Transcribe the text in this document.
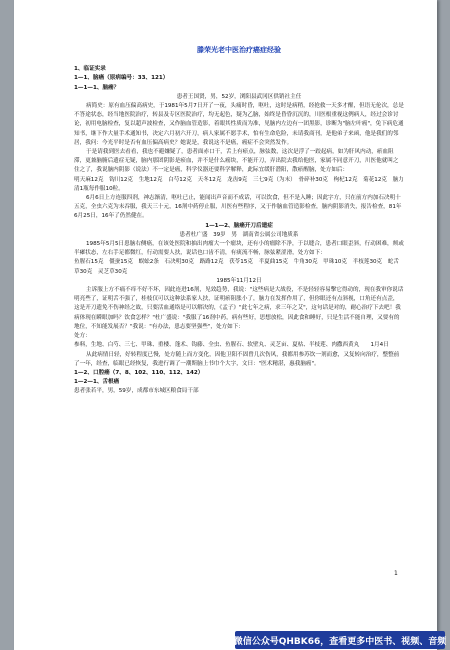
滕荣光老中医治疗癌症经验
1、临证实录
1—1、脑癌（原病编号：33、121）
1—1—1、脑癌？
患者王国贤，男，52岁，浏阳县武冈区供销社主任
病简史：原有血压偏高病史，于1981年5月7日开了一夜，头痛时昏，呕吐，这时是病稍，经抢救一天多才醒，但语无伦次，总是不答途状态，经当地医院治疗，转县及专区医院治疗，均无起色，疑为乙脑，始终是昏昏沉沉的，川医根重视这例病人，经过会诊讨论，初用电脑检查，复以超声波检查，又作脑血管造影，着眼其性质而为准，见脑内左边有一团黑影，诊断为"脑左叶癌"，免下病危通知书，继下作大量手术通知书，决定六月初六开刀，病人家属不愿手术，怕有生命危险，未请我商刊，是他弟子来函，他是我们的邻居，我问：今光平时是否有血压偏高病史？她说是，我说这不是癌，癌症不会突然发作。
于是请我到医去看看，我也不避嫌疑了，患者面赤口干，舌上有瘀点，脉弦数，这次是浮了一跤起病，如为肝风内动，瘀血阻滞，更兼脑腑后遗症无疑，脑内那团阴影是瘀血，并不是什么癌块，不能开刀，弄出院去我给他医，家属不同意开刀，川医他就叫之住之了，我说脑内阴影（说法）不一定是癌，科学仪器还要科学解释，此际宜缓肝潜阳，散瘀醒脑，处方如后：
明天麻12克　钩川12克　生地12克　白芍12克　天冬12克　龙齿9克　三七9克（为末）　骨碎补30克　枸杞12克　菊花12克　脑力清1瓶每作服10粒。
6月6日上方连服四剂，神志渐清，呕吐已止，能闻出声音而不成话，可以饮食，但不是入睡；因此字方，只在前方内加石决明十五克，全虫六克为末吞服，我天三十元，16剂中药停止服，川医有些程序，又于作脑血管造影检查，脑内阴影消失，报告检查，81年6月25日，16年了仍然健在。
1—1—2、脑癌开刀后遗症
患者杜广盛　39岁　男　湖南省公属公司地质系
1985年5月5日患脑右侧癌，在该处医院和抽出肉瘤大一个瘤块，还有小的瘤除不净，于以缝合，患者口眼歪斜，行动困难，颊或半瘫状态，左右手足都微红，行动需要人扶，说话也口齿不清，有痰流不畅，脉弦紧涩滑，处方如下：
鱼腥石15克　僵蚕15克　蜈蚣2条　石决明30克　路路12克　茯苓15克　半夏曲15克　牛角30克　甲珠10克　半枝莲30克　蛇舌草30克　灵芝草30克
1985年11月12日
主诉服上方不痛不痒不好不坏，因此连进16剂，见效趋势，我说："这些病是大战役，不是轻轻容易擊它得动的，现在我审你说话明亮些了，证明舌不强了，桂枝仅可以这种法系家人扶，证明瘀阻胀小了，脑力在发挥作用了，但你眼还有点斜视，口角还有点歪，这是开刀遗免不伤神经之故，只要活血通络是可以解决的，《孟子》"此七年之病，求三年之艾"，这句话是对的，耐心治疗下去吧！我病体现在瞬眼加吗？饮食怎样？"杜广盛说："我服了16剂中药，病有些好，思想放松，因此食和睡好，只是生活不能自理，又要有的地位，不知能发展否？"我说："有办法，患志要坚强些"，处方如下：
处方：
参料，生地、白芍、三七、甲珠、重楼、蓬术、钩藤、全虫、鱼腥石、软壁丸、灵芝亩、夏枯、半枝莲、肉撒西黄丸　　1月4日
从此病情日轻，好转程度已慢，处方随上而方变化，因他卫阳不固曾几次伤风，我都用参苏饮一剂而愈，又复转向治疗，整整前了一年，经查，临眼已经恢复，我进行调了一潮斯脑上书巾个大字，文曰："医术精湛，惠我脑癌"。
1—2、口腔癌（7、8、102、110、112、142）
1—2—1、舌根癌
患者张若平，男，59岁，成都市东城区粮食局干部
1
微信公众号QHBK66，查看更多中医书、视频、音频
